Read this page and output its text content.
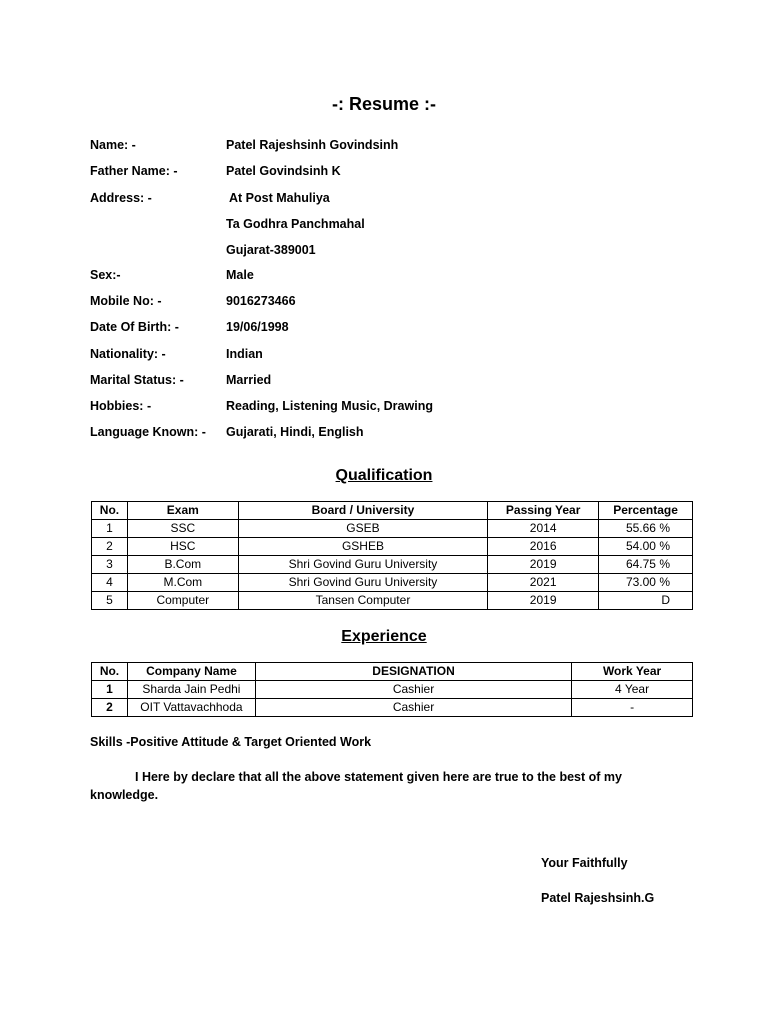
-: Resume :-
Name: -	Patel Rajeshsinh Govindsinh
Father Name: -	Patel Govindsinh K
Address: -	At Post Mahuliya
Ta Godhra Panchmahal
Gujarat-389001
Sex:-	Male
Mobile No: -	9016273466
Date Of Birth: -	19/06/1998
Nationality: -	Indian
Marital Status: -	Married
Hobbies: -	Reading, Listening Music, Drawing
Language Known: -	Gujarati, Hindi, English
Qualification
No.	Exam	Board / University	Passing Year	Percentage
1	SSC	GSEB	2014	55.66 %
2	HSC	GSHEB	2016	54.00 %
3	B.Com	Shri Govind Guru University	2019	64.75 %
4	M.Com	Shri Govind Guru University	2021	73.00 %
5	Computer	Tansen Computer	2019	D
Experience
No.	Company Name	DESIGNATION	Work Year
1	Sharda Jain Pedhi	Cashier	4 Year
2	OIT Vattavachhoda	Cashier	-
Skills -Positive Attitude & Target Oriented Work
I Here by declare that all the above statement given here are true to the best of my knowledge.
Your Faithfully
Patel Rajeshsinh.G
